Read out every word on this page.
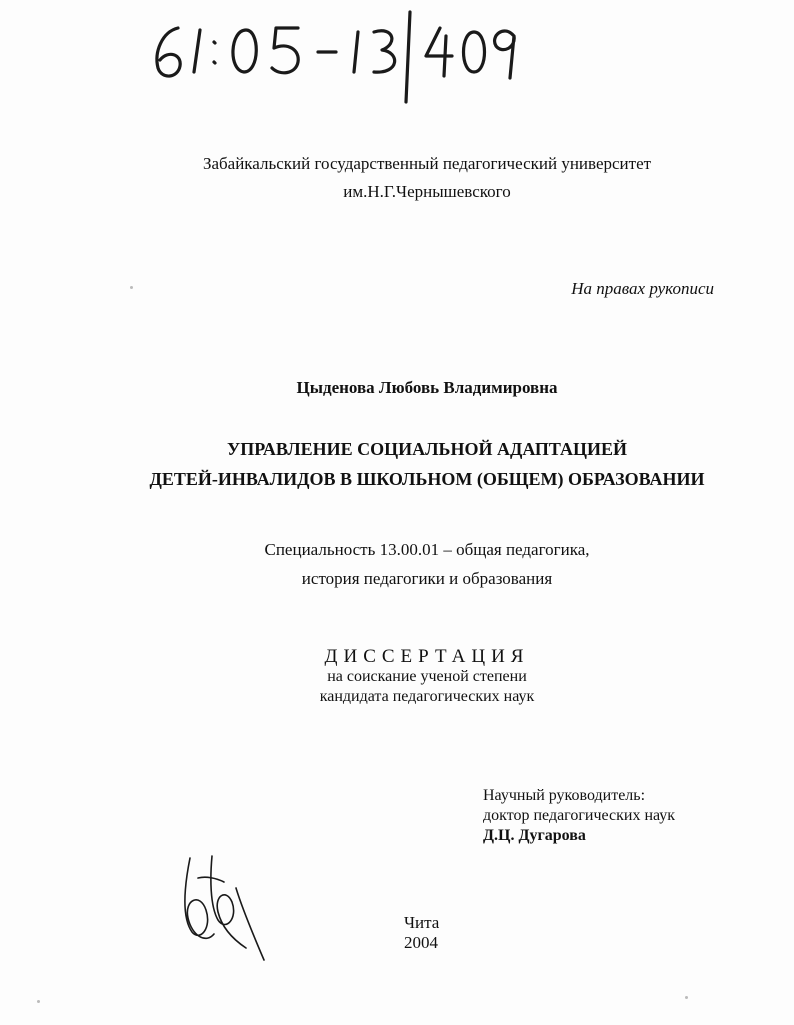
Забайкальский государственный педагогический университет
им.Н.Г.Чернышевского
На правах рукописи
Цыденова Любовь Владимировна
УПРАВЛЕНИЕ СОЦИАЛЬНОЙ АДАПТАЦИЕЙ
ДЕТЕЙ-ИНВАЛИДОВ В ШКОЛЬНОМ (ОБЩЕМ) ОБРАЗОВАНИИ
Специальность 13.00.01 – общая педагогика,
история педагогики и образования
ДИССЕРТАЦИЯ
на соискание ученой степени
кандидата педагогических наук
Научный руководитель:
доктор педагогических наук
Д.Ц. Дугарова
Чита
2004
